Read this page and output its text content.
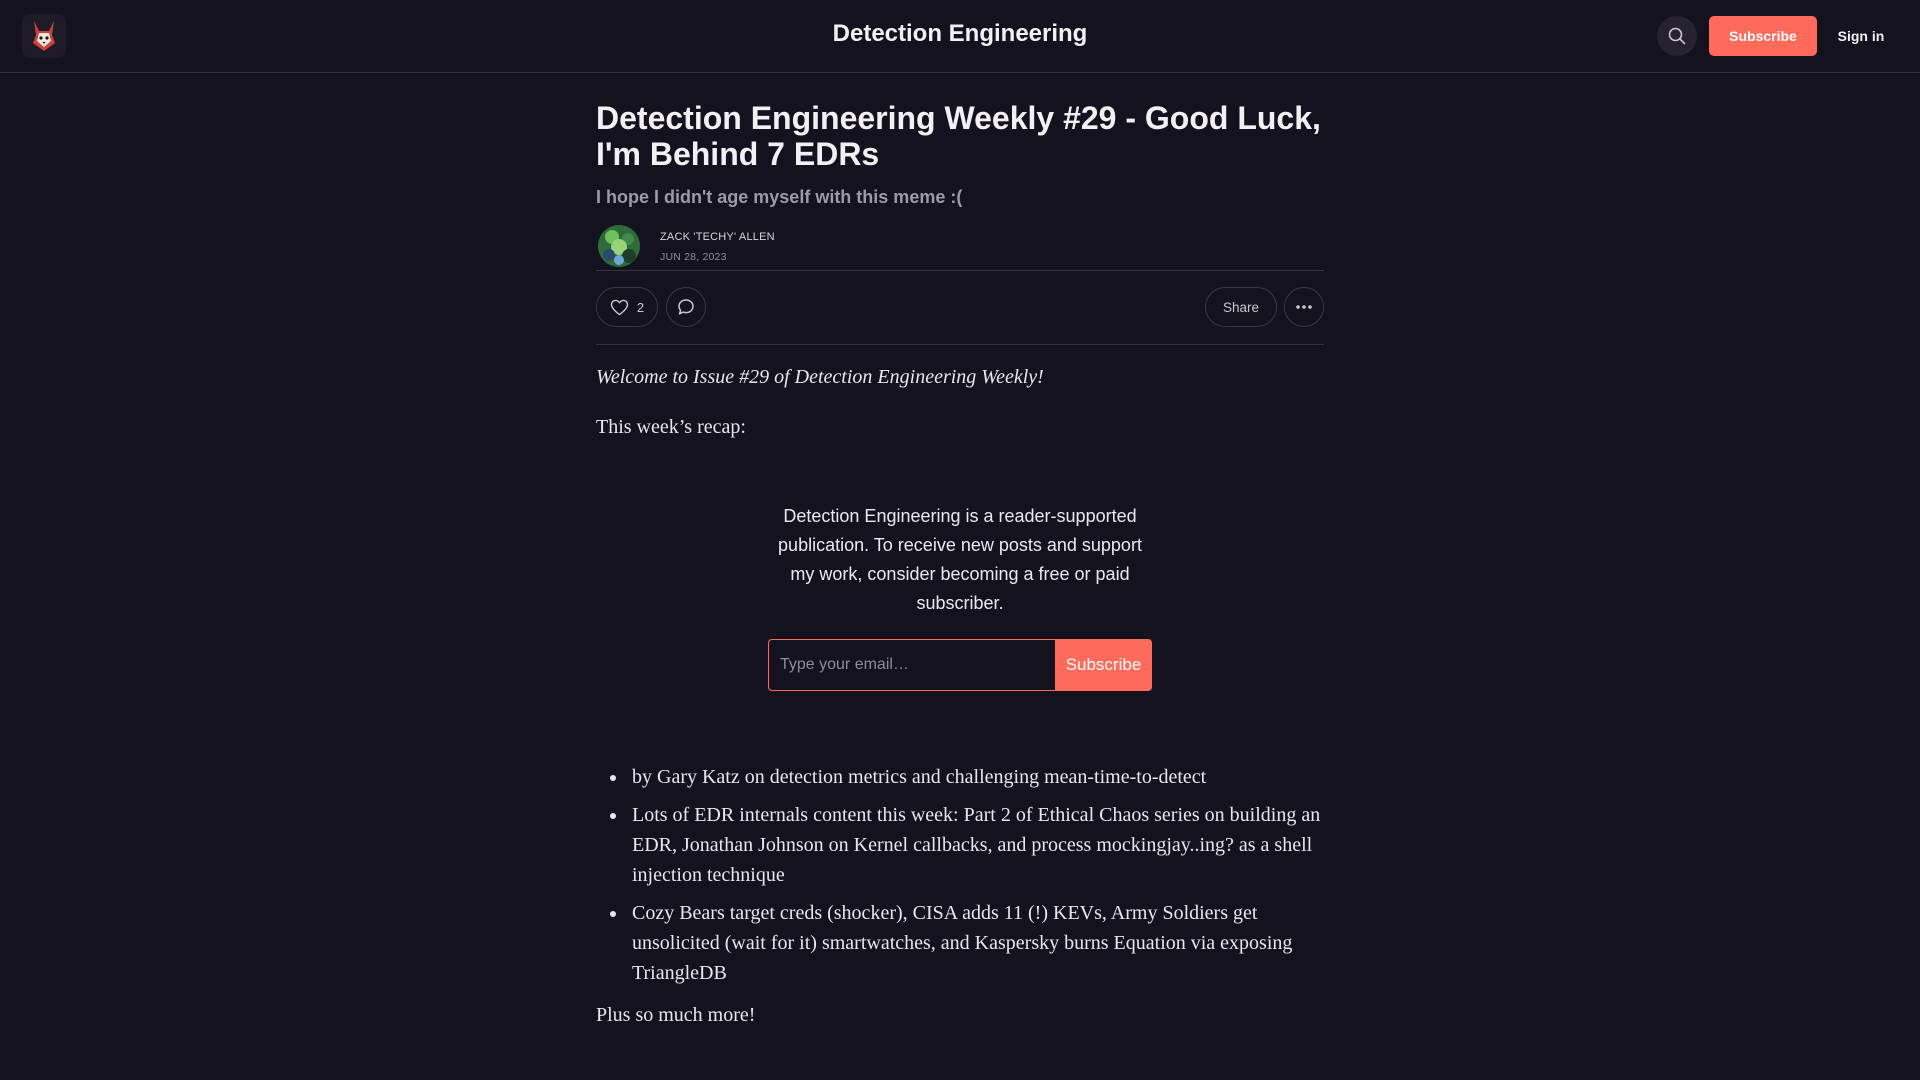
Detection Engineering	Subscribe	Sign in
Detection Engineering Weekly #29 - Good Luck, I'm Behind 7 EDRs
I hope I didn't age myself with this meme :(
ZACK 'TECHY' ALLEN
JUN 28, 2023
2	Share

Welcome to Issue #29 of Detection Engineering Weekly!

This week’s recap:

Detection Engineering is a reader-supported publication. To receive new posts and support my work, consider becoming a free or paid subscriber.
Type your email…
Subscribe
by Gary Katz on detection metrics and challenging mean-time-to-detect
Lots of EDR internals content this week: Part 2 of Ethical Chaos series on building an EDR, Jonathan Johnson on Kernel callbacks, and process mockingjay..ing? as a shell injection technique
Cozy Bears target creds (shocker), CISA adds 11 (!) KEVs, Army Soldiers get unsolicited (wait for it) smartwatches, and Kaspersky burns Equation via exposing TriangleDB

Plus so much more!
